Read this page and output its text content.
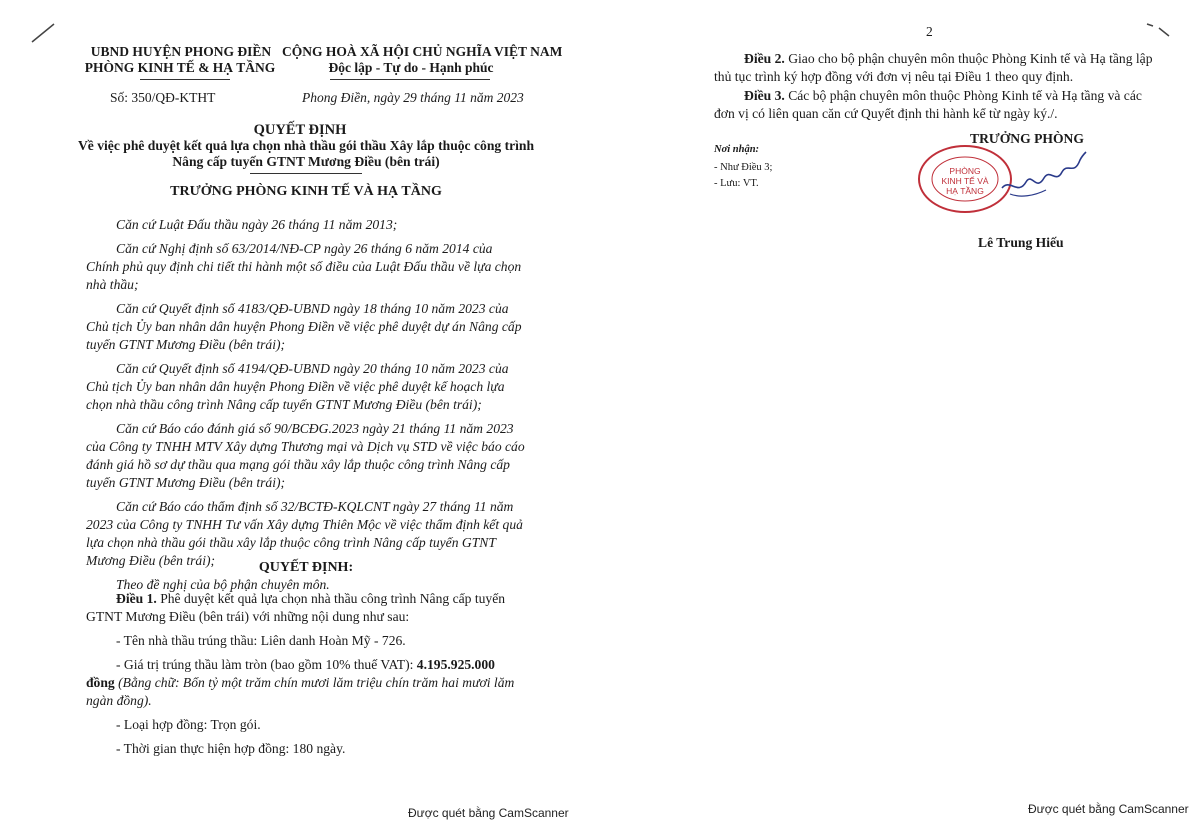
UBND HUYỆN PHONG ĐIỀN
PHÒNG KINH TẾ & HẠ TẦNG
CỘNG HOÀ XÃ HỘI CHỦ NGHĨA VIỆT NAM
Độc lập - Tự do - Hạnh phúc
Số: 350/QĐ-KTHT	Phong Điền, ngày 29 tháng 11 năm 2023
QUYẾT ĐỊNH
Về việc phê duyệt kết quả lựa chọn nhà thầu gói thầu Xây lắp thuộc công trình
Nâng cấp tuyến GTNT Mương Điều (bên trái)
TRƯỞNG PHÒNG KINH TẾ VÀ HẠ TẦNG
Căn cứ Luật Đấu thầu ngày 26 tháng 11 năm 2013;
Căn cứ Nghị định số 63/2014/NĐ-CP ngày 26 tháng 6 năm 2014 của
Chính phủ quy định chi tiết thi hành một số điều của Luật Đấu thầu về lựa chọn
nhà thầu;
Căn cứ Quyết định số 4183/QĐ-UBND ngày 18 tháng 10 năm 2023 của
Chủ tịch Ủy ban nhân dân huyện Phong Điền về việc phê duyệt dự án Nâng cấp
tuyến GTNT Mương Điều (bên trái);
Căn cứ Quyết định số 4194/QĐ-UBND ngày 20 tháng 10 năm 2023 của
Chủ tịch Ủy ban nhân dân huyện Phong Điền về việc phê duyệt kế hoạch lựa
chọn nhà thầu công trình Nâng cấp tuyến GTNT Mương Điều (bên trái);
Căn cứ Báo cáo đánh giá số 90/BCĐG.2023 ngày 21 tháng 11 năm 2023
của Công ty TNHH MTV Xây dựng Thương mại và Dịch vụ STD về việc báo cáo
đánh giá hồ sơ dự thầu qua mạng gói thầu xây lắp thuộc công trình Nâng cấp
tuyến GTNT Mương Điều (bên trái);
Căn cứ Báo cáo thẩm định số 32/BCTĐ-KQLCNT ngày 27 tháng 11 năm
2023 của Công ty TNHH Tư vấn Xây dựng Thiên Mộc về việc thẩm định kết quả
lựa chọn nhà thầu gói thầu xây lắp thuộc công trình Nâng cấp tuyến GTNT
Mương Điều (bên trái);
Theo đề nghị của bộ phận chuyên môn.
QUYẾT ĐỊNH:
Điều 1. Phê duyệt kết quả lựa chọn nhà thầu công trình Nâng cấp tuyến
GTNT Mương Điều (bên trái) với những nội dung như sau:
- Tên nhà thầu trúng thầu: Liên danh Hoàn Mỹ - 726.
- Giá trị trúng thầu làm tròn (bao gồm 10% thuế VAT): 4.195.925.000
đồng (Bằng chữ: Bốn tỷ một trăm chín mươi lăm triệu chín trăm hai mươi lăm
ngàn đồng).
- Loại hợp đồng: Trọn gói.
- Thời gian thực hiện hợp đồng: 180 ngày.
Được quét bằng CamScanner
2
Điều 2. Giao cho bộ phận chuyên môn thuộc Phòng Kinh tế và Hạ tầng lập
thủ tục trình ký hợp đồng với đơn vị nêu tại Điều 1 theo quy định.
Điều 3. Các bộ phận chuyên môn thuộc Phòng Kinh tế và Hạ tầng và các
đơn vị có liên quan căn cứ Quyết định thi hành kể từ ngày ký./.
Nơi nhận:
- Như Điều 3;
- Lưu: VT.
TRƯỞNG PHÒNG
PHÒNG
KINH TẾ VÀ
HẠ TẦNG
Lê Trung Hiếu
Được quét bằng CamScanner
